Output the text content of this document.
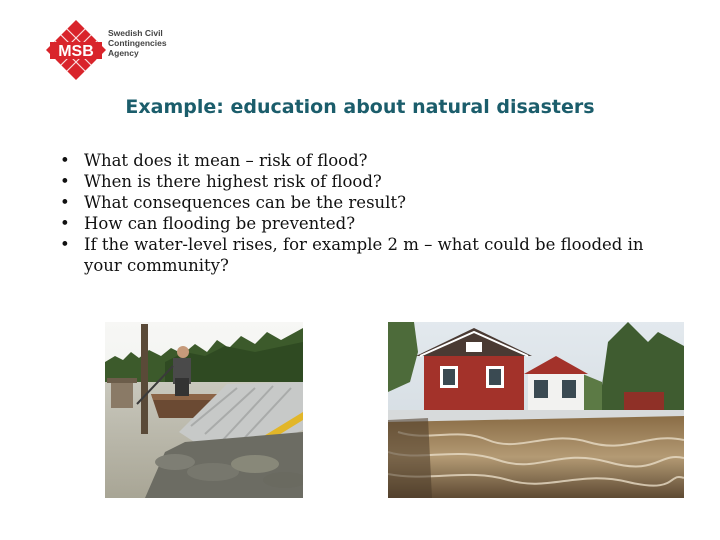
MSB
Swedish Civil
Contingencies
Agency
Example: education about natural disasters
• What does it mean – risk of flood?
• When is there highest risk of flood?
• What consequences can be the result?
• How can flooding be prevented?
• If the water-level rises, for example 2 m – what could be flooded in your community?
